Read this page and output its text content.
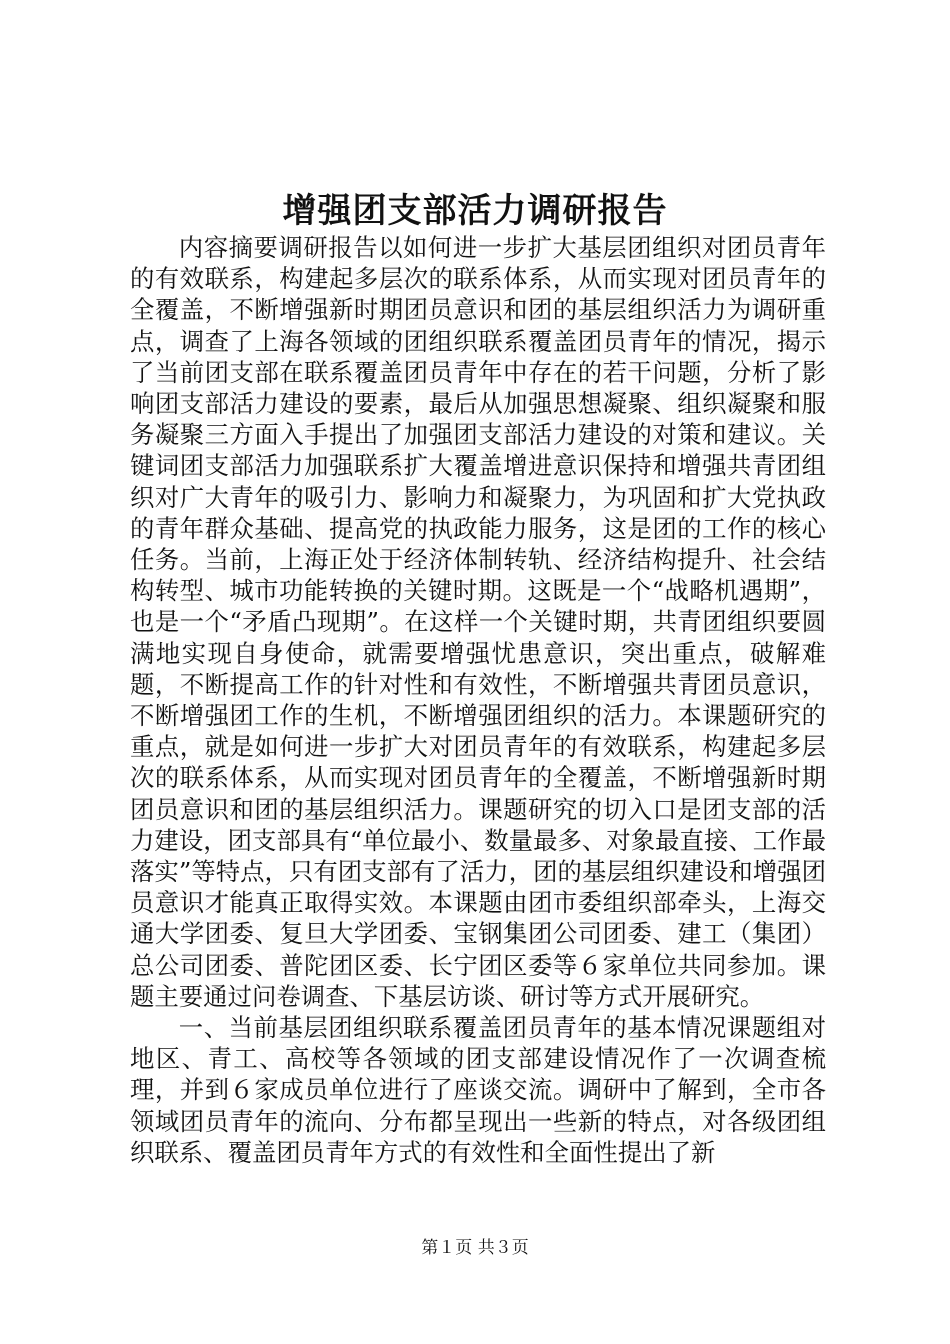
增强团支部活力调研报告

内容摘要调研报告以如何进一步扩大基层团组织对团员青年的有效联系，构建起多层次的联系体系，从而实现对团员青年的全覆盖，不断增强新时期团员意识和团的基层组织活力为调研重点，调查了上海各领域的团组织联系覆盖团员青年的情况，揭示了当前团支部在联系覆盖团员青年中存在的若干问题，分析了影响团支部活力建设的要素，最后从加强思想凝聚、组织凝聚和服务凝聚三方面入手提出了加强团支部活力建设的对策和建议。关键词团支部活力加强联系扩大覆盖增进意识保持和增强共青团组织对广大青年的吸引力、影响力和凝聚力，为巩固和扩大党执政的青年群众基础、提高党的执政能力服务，这是团的工作的核心任务。当前，上海正处于经济体制转轨、经济结构提升、社会结构转型、城市功能转换的关键时期。这既是一个“战略机遇期”，也是一个“矛盾凸现期”。在这样一个关键时期，共青团组织要圆满地实现自身使命，就需要增强忧患意识，突出重点，破解难题，不断提高工作的针对性和有效性，不断增强共青团员意识，不断增强团工作的生机，不断增强团组织的活力。本课题研究的重点，就是如何进一步扩大对团员青年的有效联系，构建起多层次的联系体系，从而实现对团员青年的全覆盖，不断增强新时期团员意识和团的基层组织活力。课题研究的切入口是团支部的活力建设，团支部具有“单位最小、数量最多、对象最直接、工作最落实”等特点，只有团支部有了活力，团的基层组织建设和增强团员意识才能真正取得实效。本课题由团市委组织部牵头，上海交通大学团委、复旦大学团委、宝钢集团公司团委、建工（集团）总公司团委、普陀团区委、长宁团区委等６家单位共同参加。课题主要通过问卷调查、下基层访谈、研讨等方式开展研究。

一、当前基层团组织联系覆盖团员青年的基本情况课题组对地区、青工、高校等各领域的团支部建设情况作了一次调查梳理，并到６家成员单位进行了座谈交流。调研中了解到，全市各领域团员青年的流向、分布都呈现出一些新的特点，对各级团组织联系、覆盖团员青年方式的有效性和全面性提出了新

第１页 共３页
